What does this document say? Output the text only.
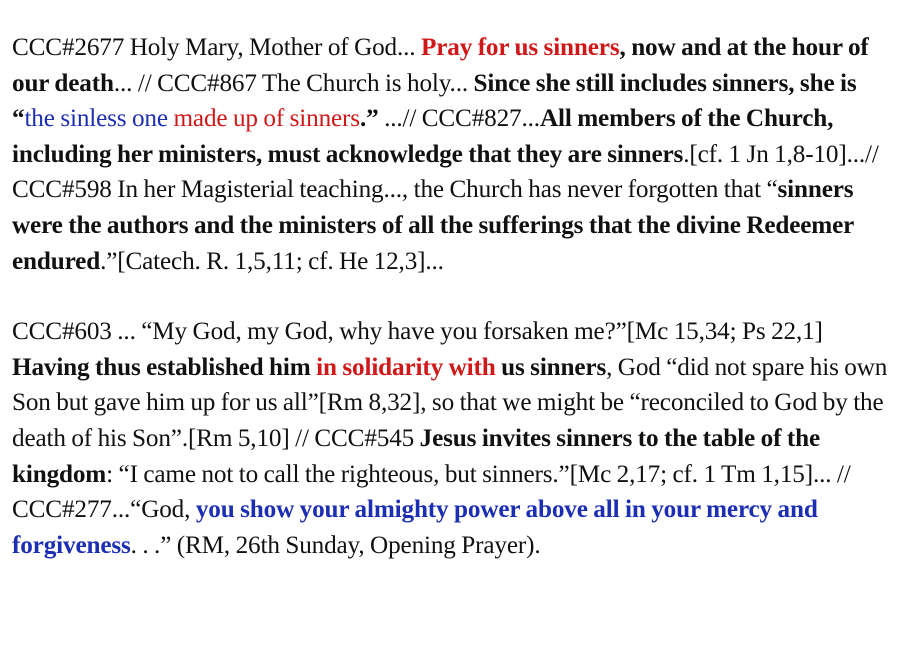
CCC#2677 Holy Mary, Mother of God... Pray for us sinners, now and at the hour of our death... // CCC#867 The Church is holy... Since she still includes sinners, she is “the sinless one made up of sinners.” ...// CCC#827...All members of the Church, including her ministers, must acknowledge that they are sinners.[cf. 1 Jn 1,8-10]...// CCC#598 In her Magisterial teaching..., the Church has never forgotten that “sinners were the authors and the ministers of all the sufferings that the divine Redeemer endured.”[Catech. R. 1,5,11; cf. He 12,3]...

CCC#603 ... “My God, my God, why have you forsaken me?”[Mc 15,34; Ps 22,1] Having thus established him in solidarity with us sinners, God “did not spare his own Son but gave him up for us all”[Rm 8,32], so that we might be “reconciled to God by the death of his Son”.[Rm 5,10] // CCC#545 Jesus invites sinners to the table of the kingdom: “I came not to call the righteous, but sinners.”[Mc 2,17; cf. 1 Tm 1,15]... // CCC#277...“God, you show your almighty power above all in your mercy and forgiveness. . .” (RM, 26th Sunday, Opening Prayer).
